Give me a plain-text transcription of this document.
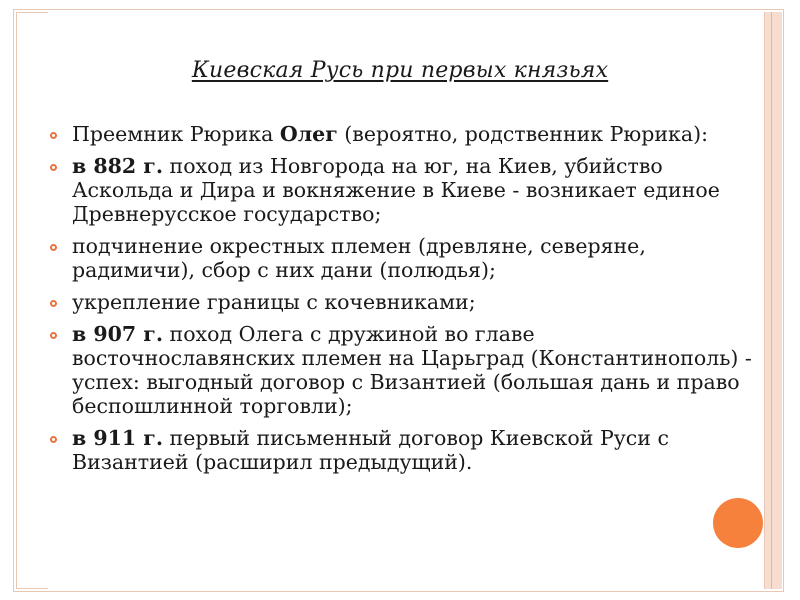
Киевская Русь при первых князьях
Преемник Рюрика Олег (вероятно, родственник Рюрика):
в 882 г. поход из Новгорода на юг, на Киев, убийство Аскольда и Дира и вокняжение в Киеве - возникает единое Древнерусское государство;
подчинение окрестных племен (древляне, северяне, радимичи), сбор с них дани (полюдья);
укрепление границы с кочевниками;
в 907 г. поход Олега с дружиной во главе восточнославянских племен на Царьград (Константинополь) - успех: выгодный договор с Византией (большая дань и право беспошлинной торговли);
в 911 г. первый письменный договор Киевской Руси с Византией (расширил предыдущий).
